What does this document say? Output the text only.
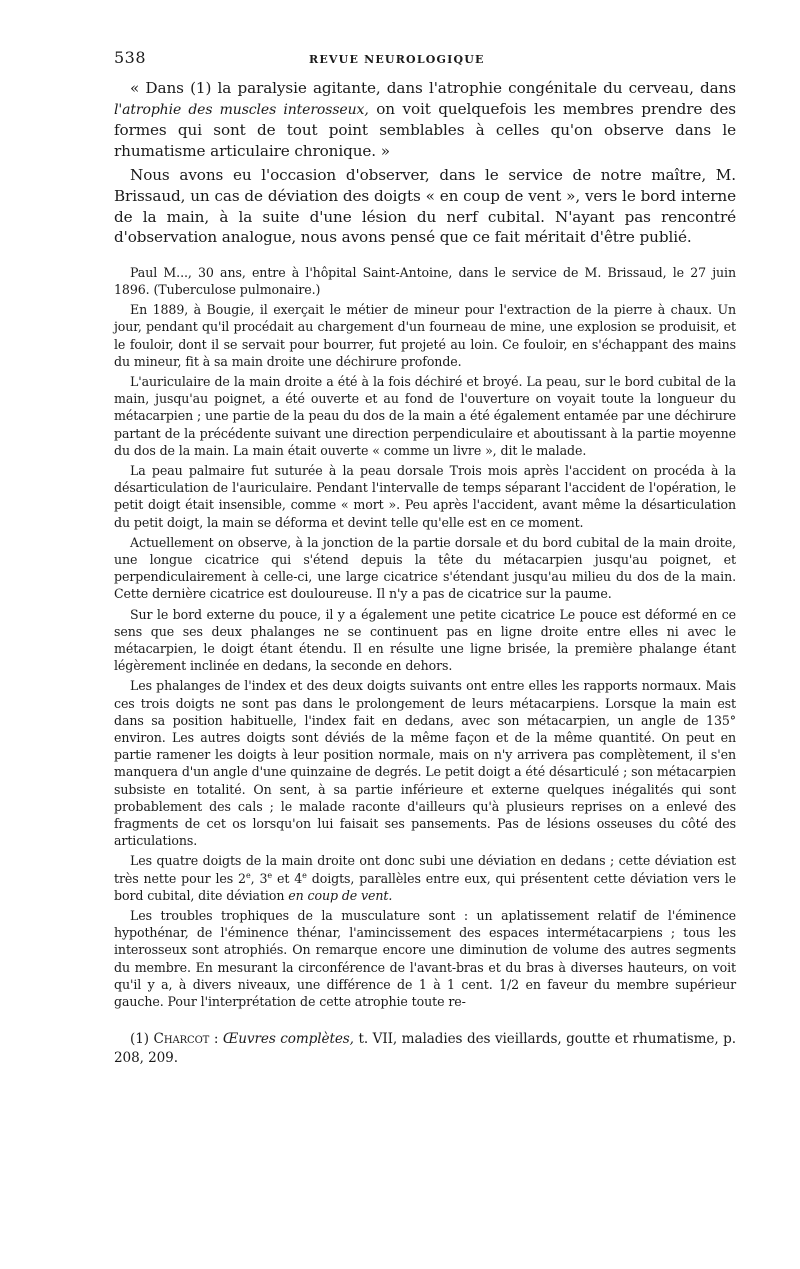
538	REVUE NEUROLOGIQUE

« Dans (1) la paralysie agitante, dans l'atrophie congénitale du cerveau, dans l'atrophie des muscles interosseux, on voit quelquefois les membres prendre des formes qui sont de tout point semblables à celles qu'on observe dans le rhumatisme articulaire chronique. »

Nous avons eu l'occasion d'observer, dans le service de notre maître, M. Brissaud, un cas de déviation des doigts « en coup de vent », vers le bord interne de la main, à la suite d'une lésion du nerf cubital. N'ayant pas rencontré d'observation analogue, nous avons pensé que ce fait méritait d'être publié.

Paul M..., 30 ans, entre à l'hôpital Saint-Antoine, dans le service de M. Brissaud, le 27 juin 1896. (Tuberculose pulmonaire.)

En 1889, à Bougie, il exerçait le métier de mineur pour l'extraction de la pierre à chaux. Un jour, pendant qu'il procédait au chargement d'un fourneau de mine, une explosion se produisit, et le fouloir, dont il se servait pour bourrer, fut projeté au loin. Ce fouloir, en s'échappant des mains du mineur, fit à sa main droite une déchirure profonde.

L'auriculaire de la main droite a été à la fois déchiré et broyé. La peau, sur le bord cubital de la main, jusqu'au poignet, a été ouverte et au fond de l'ouverture on voyait toute la longueur du métacarpien ; une partie de la peau du dos de la main a été également entamée par une déchirure partant de la précédente suivant une direction perpendiculaire et aboutissant à la partie moyenne du dos de la main. La main était ouverte « comme un livre », dit le malade.

La peau palmaire fut suturée à la peau dorsale Trois mois après l'accident on procéda à la désarticulation de l'auriculaire. Pendant l'intervalle de temps séparant l'accident de l'opération, le petit doigt était insensible, comme « mort ». Peu après l'accident, avant même la désarticulation du petit doigt, la main se déforma et devint telle qu'elle est en ce moment.

Actuellement on observe, à la jonction de la partie dorsale et du bord cubital de la main droite, une longue cicatrice qui s'étend depuis la tête du métacarpien jusqu'au poignet, et perpendiculairement à celle-ci, une large cicatrice s'étendant jusqu'au milieu du dos de la main. Cette dernière cicatrice est douloureuse. Il n'y a pas de cicatrice sur la paume.

Sur le bord externe du pouce, il y a également une petite cicatrice Le pouce est déformé en ce sens que ses deux phalanges ne se continuent pas en ligne droite entre elles ni avec le métacarpien, le doigt étant étendu. Il en résulte une ligne brisée, la première phalange étant légèrement inclinée en dedans, la seconde en dehors.

Les phalanges de l'index et des deux doigts suivants ont entre elles les rapports normaux. Mais ces trois doigts ne sont pas dans le prolongement de leurs métacarpiens. Lorsque la main est dans sa position habituelle, l'index fait en dedans, avec son métacarpien, un angle de 135° environ. Les autres doigts sont déviés de la même façon et de la même quantité. On peut en partie ramener les doigts à leur position normale, mais on n'y arrivera pas complètement, il s'en manquera d'un angle d'une quinzaine de degrés. Le petit doigt a été désarticulé ; son métacarpien subsiste en totalité. On sent, à sa partie inférieure et externe quelques inégalités qui sont probablement des cals ; le malade raconte d'ailleurs qu'à plusieurs reprises on a enlevé des fragments de cet os lorsqu'on lui faisait ses pansements. Pas de lésions osseuses du côté des articulations.

Les quatre doigts de la main droite ont donc subi une déviation en dedans ; cette déviation est très nette pour les 2e, 3e et 4e doigts, parallèles entre eux, qui présentent cette déviation vers le bord cubital, dite déviation en coup de vent.

Les troubles trophiques de la musculature sont : un aplatissement relatif de l'éminence hypothénar, de l'éminence thénar, l'amincissement des espaces intermétacarpiens ; tous les interosseux sont atrophiés. On remarque encore une diminution de volume des autres segments du membre. En mesurant la circonférence de l'avant-bras et du bras à diverses hauteurs, on voit qu'il y a, à divers niveaux, une différence de 1 à 1 cent. 1/2 en faveur du membre supérieur gauche. Pour l'interprétation de cette atrophie toute re-

(1) Charcot : Œuvres complètes, t. VII, maladies des vieillards, goutte et rhumatisme, p. 208, 209.
